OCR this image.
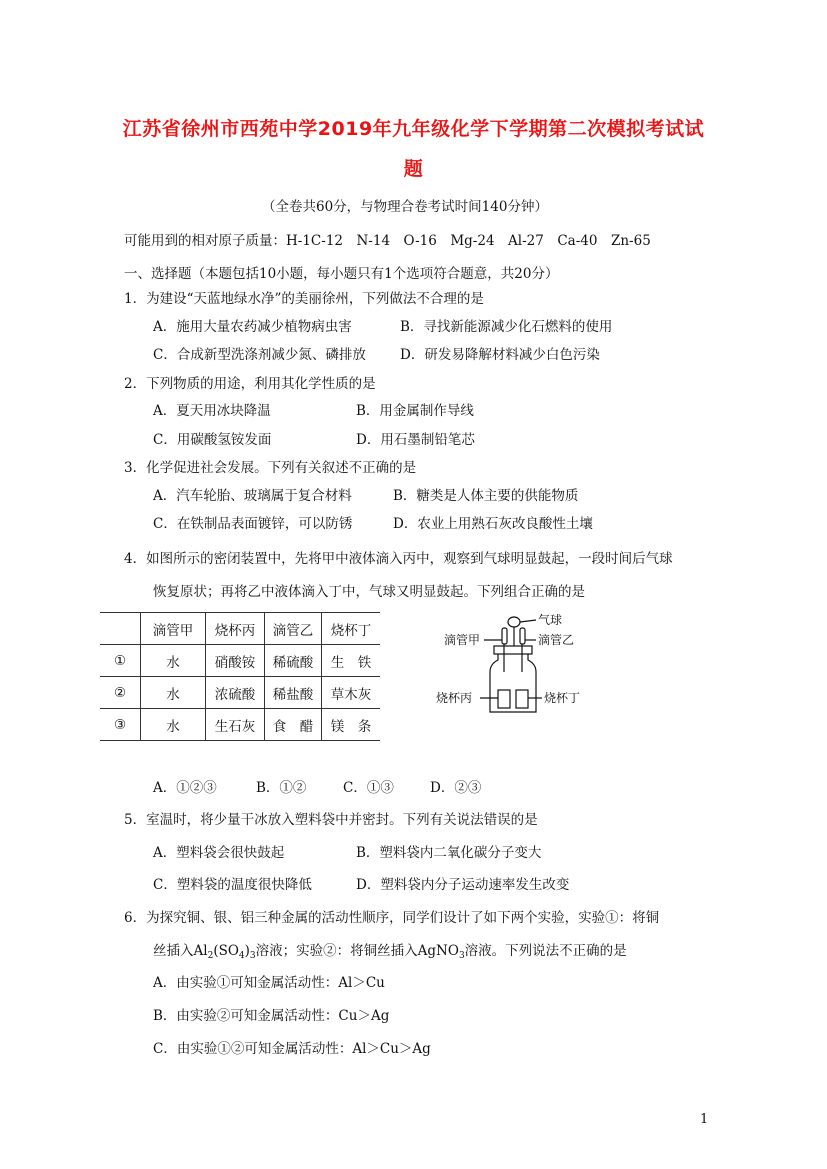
江苏省徐州市西苑中学2019年九年级化学下学期第二次模拟考试试
题
（全卷共60分，与物理合卷考试时间140分钟）
可能用到的相对原子质量：H-1C-12　N-14　O-16　Mg-24　Al-27　Ca-40　Zn-65
一、选择题（本题包括10小题，每小题只有1个选项符合题意，共20分）
1．为建设“天蓝地绿水净”的美丽徐州，下列做法不合理的是
A．施用大量农药减少植物病虫害	B．寻找新能源减少化石燃料的使用
C．合成新型洗涤剂减少氮、磷排放	D．研发易降解材料减少白色污染
2．下列物质的用途，利用其化学性质的是
A．夏天用冰块降温	B．用金属制作导线
C．用碳酸氢铵发面	D．用石墨制铅笔芯
3．化学促进社会发展。下列有关叙述不正确的是
A．汽车轮胎、玻璃属于复合材料	B．糖类是人体主要的供能物质
C．在铁制品表面镀锌，可以防锈	D．农业上用熟石灰改良酸性土壤
4．如图所示的密闭装置中，先将甲中液体滴入丙中，观察到气球明显鼓起，一段时间后气球
恢复原状；再将乙中液体滴入丁中，气球又明显鼓起。下列组合正确的是
	滴管甲	烧杯丙	滴管乙	烧杯丁
①	水	硝酸铵	稀硫酸	生　铁
②	水	浓硫酸	稀盐酸	草木灰
③	水	生石灰	食　醋	镁　条
气球
滴管甲	滴管乙
烧杯丙	烧杯丁
A．①②③	B．①②	C．①③	D．②③
5．室温时，将少量干冰放入塑料袋中并密封。下列有关说法错误的是
A．塑料袋会很快鼓起	B．塑料袋内二氧化碳分子变大
C．塑料袋的温度很快降低	D．塑料袋内分子运动速率发生改变
6．为探究铜、银、铝三种金属的活动性顺序，同学们设计了如下两个实验，实验①：将铜
丝插入$Al_2(SO_4)_3$溶液；实验②：将铜丝插入AgNO$_3$溶液。下列说法不正确的是
A．由实验①可知金属活动性：Al＞Cu
B．由实验②可知金属活动性：Cu＞Ag
C．由实验①②可知金属活动性：Al＞Cu＞Ag
1
